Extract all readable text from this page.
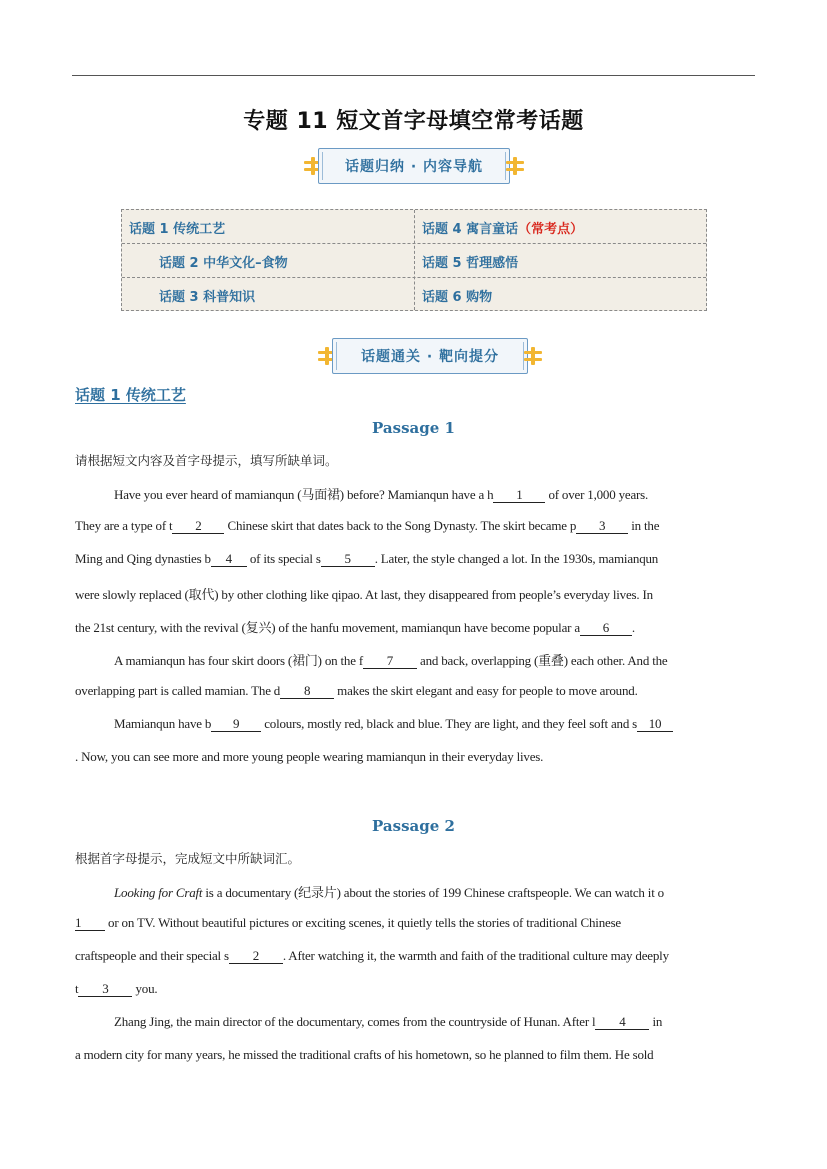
专题 11 短文首字母填空常考话题
话题归纳 · 内容导航
话题 1 传统工艺
话题 2 中华文化–食物
话题 3 科普知识
话题 4 寓言童话 （常考点）
话题 5 哲理感悟
话题 6 购物
话题通关 · 靶向提分
话题 1 传统工艺
Passage 1
请根据短文内容及首字母提示，填写所缺单词。
Have you ever heard of mamianqun (马面裙) before? Mamianqun have a h 1 of over 1,000 years.
They are a type of t 2 Chinese skirt that dates back to the Song Dynasty. The skirt became p 3 in the
Ming and Qing dynasties b 4 of its special s 5 . Later, the style changed a lot. In the 1930s, mamianqun
were slowly replaced (取代) by other clothing like qipao. At last, they disappeared from people’s everyday lives. In
the 21st century, with the revival (复兴) of the hanfu movement, mamianqun have become popular a 6 .
A mamianqun has four skirt doors (裙门) on the f 7 and back, overlapping (重叠) each other. And the
overlapping part is called mamian. The d 8 makes the skirt elegant and easy for people to move around.
Mamianqun have b 9 colours, mostly red, black and blue. They are light, and they feel soft and s 10
. Now, you can see more and more young people wearing mamianqun in their everyday lives.
Passage 2
根据首字母提示，完成短文中所缺词汇。
Looking for Craft is a documentary (纪录片) about the stories of 199 Chinese craftspeople. We can watch it o
1 or on TV. Without beautiful pictures or exciting scenes, it quietly tells the stories of traditional Chinese
craftspeople and their special s 2 . After watching it, the warmth and faith of the traditional culture may deeply
t 3 you.
Zhang Jing, the main director of the documentary, comes from the countryside of Hunan. After l 4 in
a modern city for many years, he missed the traditional crafts of his hometown, so he planned to film them. He sold
